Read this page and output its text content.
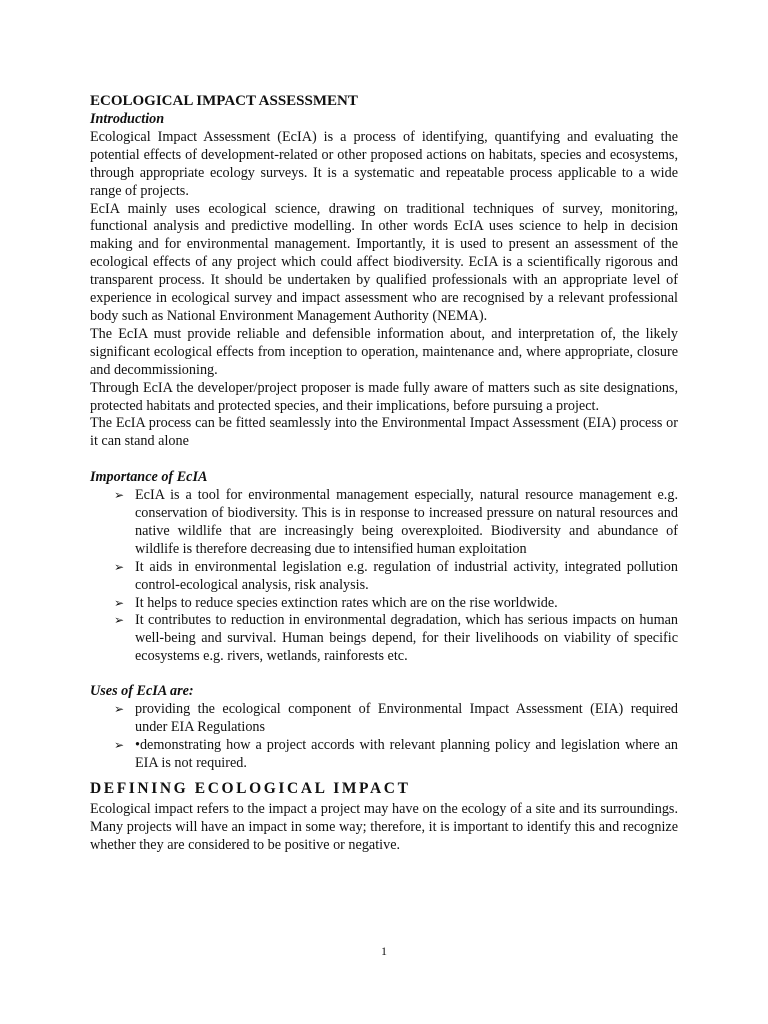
ECOLOGICAL IMPACT ASSESSMENT
Introduction

Ecological Impact Assessment (EcIA) is a process of identifying, quantifying and evaluating the potential effects of development-related or other proposed actions on habitats, species and ecosystems, through appropriate ecology surveys. It is a systematic and repeatable process applicable to a wide range of projects.

EcIA mainly uses ecological science, drawing on traditional techniques of survey, monitoring, functional analysis and predictive modelling. In other words EcIA uses science to help in decision making and for environmental management. Importantly, it is used to present an assessment of the ecological effects of any project which could affect biodiversity. EcIA is a scientifically rigorous and transparent process. It should be undertaken by qualified professionals with an appropriate level of experience in ecological survey and impact assessment who are recognised by a relevant professional body such as National Environment Management Authority (NEMA).

The EcIA must provide reliable and defensible information about, and interpretation of, the likely significant ecological effects from inception to operation, maintenance and, where appropriate, closure and decommissioning.

Through EcIA the developer/project proposer is made fully aware of matters such as site designations, protected habitats and protected species, and their implications, before pursuing a project.

The EcIA process can be fitted seamlessly into the Environmental Impact Assessment (EIA) process or it can stand alone

Importance of EcIA
➢ EcIA is a tool for environmental management especially, natural resource management e.g. conservation of biodiversity. This is in response to increased pressure on natural resources and native wildlife that are increasingly being overexploited. Biodiversity and abundance of wildlife is therefore decreasing due to intensified human exploitation
➢ It aids in environmental legislation e.g. regulation of industrial activity, integrated pollution control-ecological analysis, risk analysis.
➢ It helps to reduce species extinction rates which are on the rise worldwide.
➢ It contributes to reduction in environmental degradation, which has serious impacts on human well-being and survival. Human beings depend, for their livelihoods on viability of specific ecosystems e.g. rivers, wetlands, rainforests etc.
Uses of EcIA are:
➢ providing the ecological component of Environmental Impact Assessment (EIA) required under EIA Regulations
➢ •demonstrating how a project accords with relevant planning policy and legislation where an EIA is not required.
DEFINING ECOLOGICAL IMPACT

Ecological impact refers to the impact a project may have on the ecology of a site and its surroundings. Many projects will have an impact in some way; therefore, it is important to identify this and recognize whether they are considered to be positive or negative.

1
